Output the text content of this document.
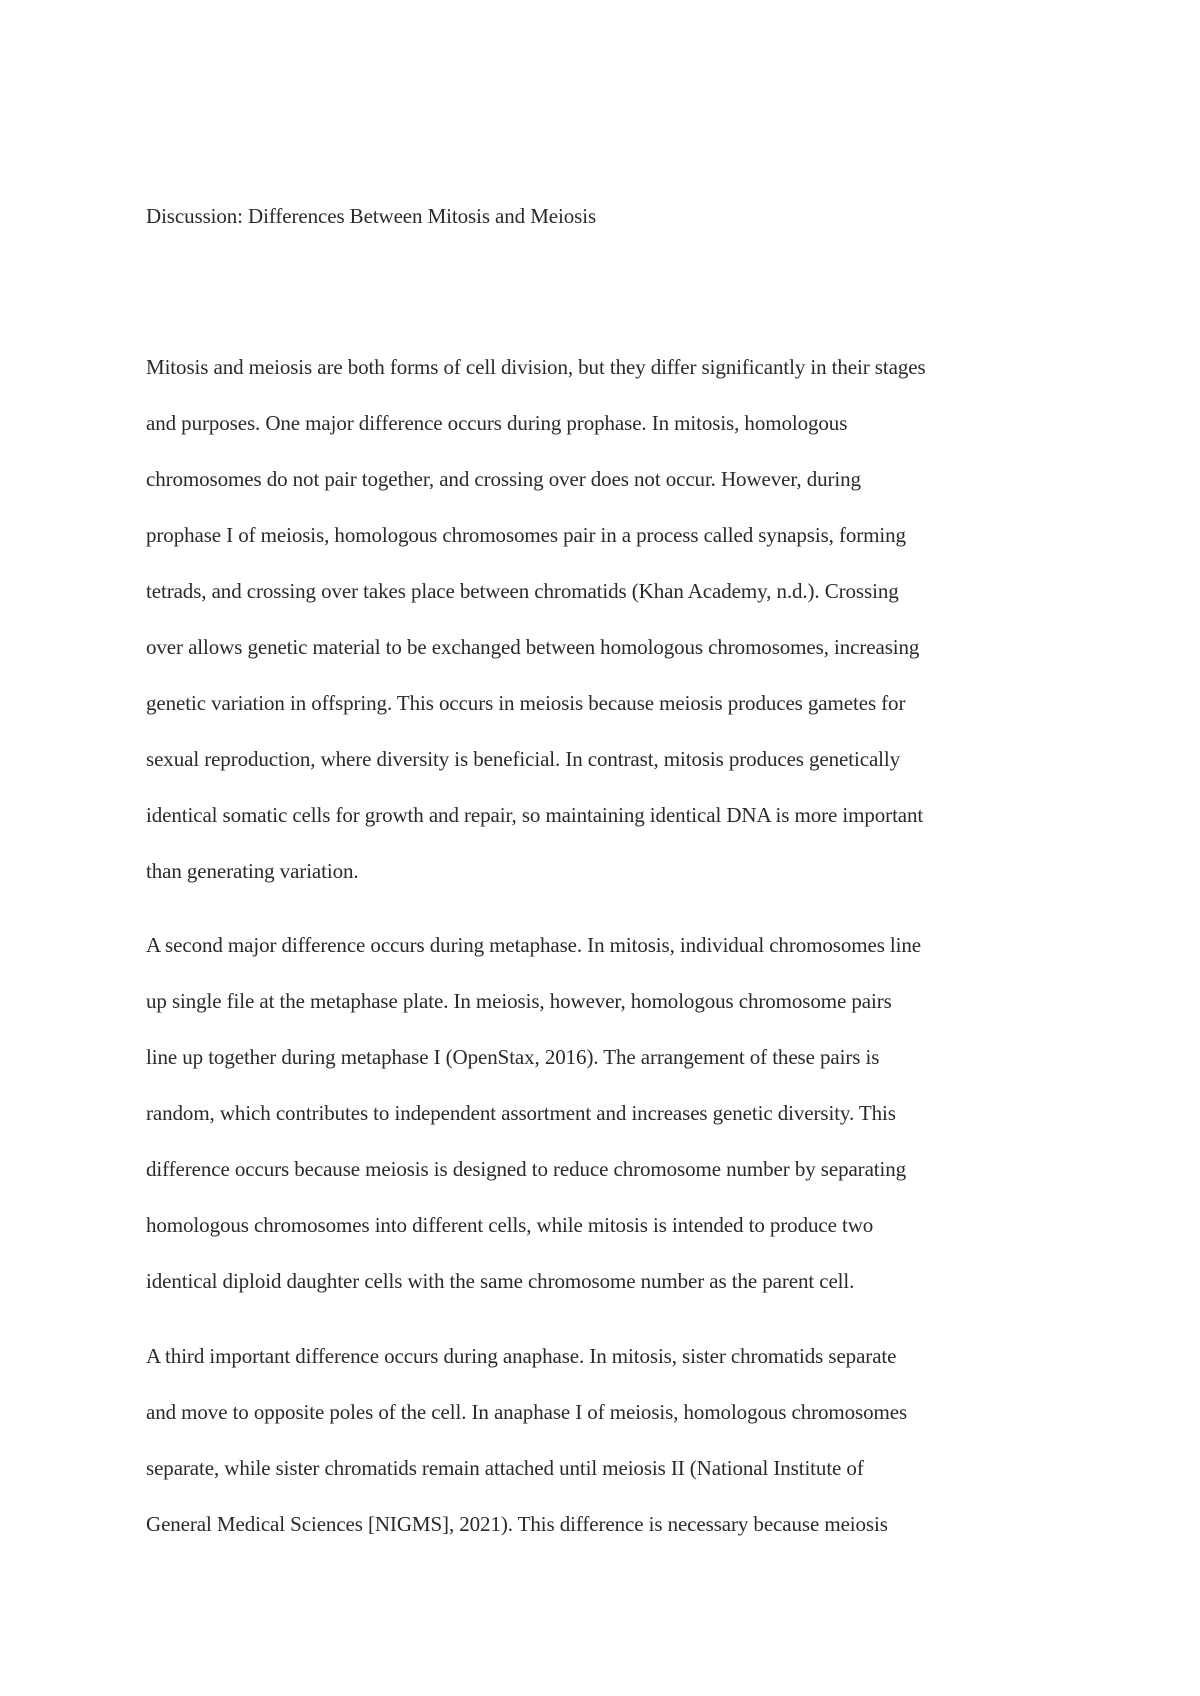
Discussion: Differences Between Mitosis and Meiosis
Mitosis and meiosis are both forms of cell division, but they differ significantly in their stages
and purposes. One major difference occurs during prophase. In mitosis, homologous
chromosomes do not pair together, and crossing over does not occur. However, during
prophase I of meiosis, homologous chromosomes pair in a process called synapsis, forming
tetrads, and crossing over takes place between chromatids (Khan Academy, n.d.). Crossing
over allows genetic material to be exchanged between homologous chromosomes, increasing
genetic variation in offspring. This occurs in meiosis because meiosis produces gametes for
sexual reproduction, where diversity is beneficial. In contrast, mitosis produces genetically
identical somatic cells for growth and repair, so maintaining identical DNA is more important
than generating variation.
A second major difference occurs during metaphase. In mitosis, individual chromosomes line
up single file at the metaphase plate. In meiosis, however, homologous chromosome pairs
line up together during metaphase I (OpenStax, 2016). The arrangement of these pairs is
random, which contributes to independent assortment and increases genetic diversity. This
difference occurs because meiosis is designed to reduce chromosome number by separating
homologous chromosomes into different cells, while mitosis is intended to produce two
identical diploid daughter cells with the same chromosome number as the parent cell.
A third important difference occurs during anaphase. In mitosis, sister chromatids separate
and move to opposite poles of the cell. In anaphase I of meiosis, homologous chromosomes
separate, while sister chromatids remain attached until meiosis II (National Institute of
General Medical Sciences [NIGMS], 2021). This difference is necessary because meiosis
